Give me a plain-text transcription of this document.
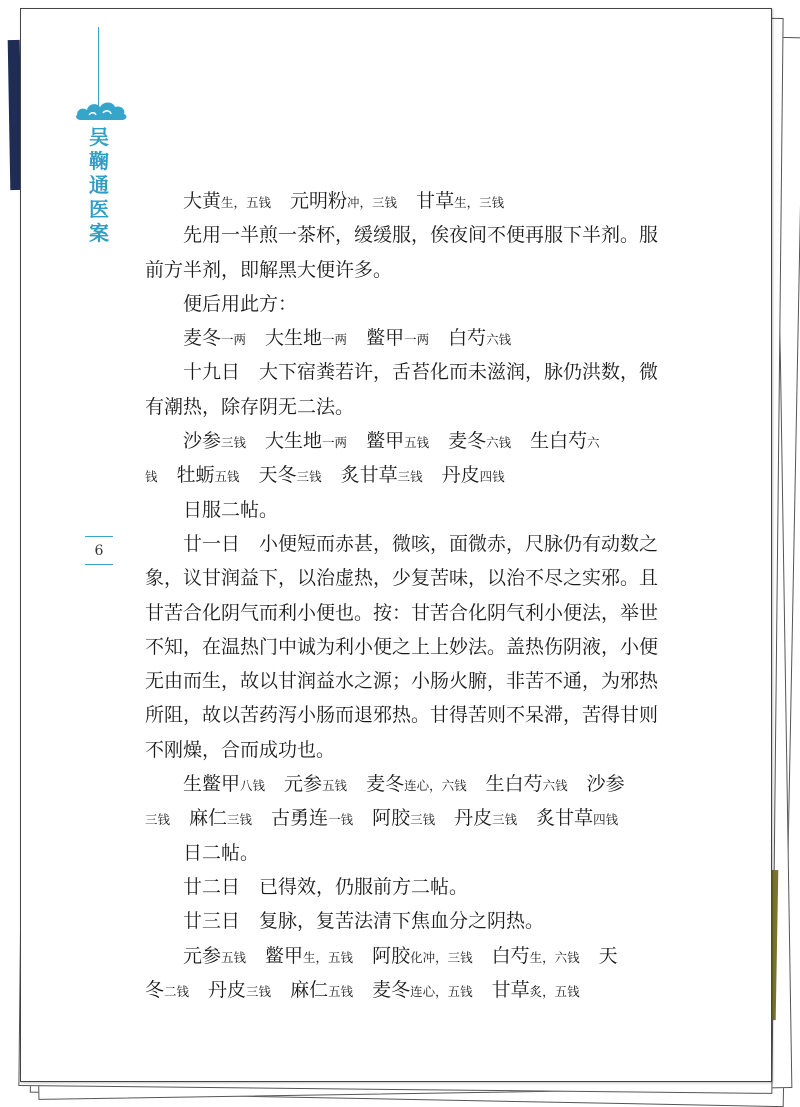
吴
鞠
通
医
案
6
大黄生，五钱　元明粉冲，三钱　甘草生，三钱
先用一半煎一茶杯，缓缓服，俟夜间不便再服下半剂。服
前方半剂，即解黑大便许多。
便后用此方：
麦冬一两　大生地一两　鳖甲一两　白芍六钱
十九日　大下宿粪若许，舌苔化而未滋润，脉仍洪数，微
有潮热，除存阴无二法。
沙参三钱　大生地一两　鳖甲五钱　麦冬六钱　生白芍六
钱　牡蛎五钱　天冬三钱　炙甘草三钱　丹皮四钱
日服二帖。
廿一日　小便短而赤甚，微咳，面微赤，尺脉仍有动数之
象，议甘润益下，以治虚热，少复苦味，以治不尽之实邪。且
甘苦合化阴气而利小便也。按：甘苦合化阴气利小便法，举世
不知，在温热门中诚为利小便之上上妙法。盖热伤阴液，小便
无由而生，故以甘润益水之源；小肠火腑，非苦不通，为邪热
所阻，故以苦药泻小肠而退邪热。甘得苦则不呆滞，苦得甘则
不刚燥，合而成功也。
生鳖甲八钱　元参五钱　麦冬连心，六钱　生白芍六钱　沙参
三钱　麻仁三钱　古勇连一钱　阿胶三钱　丹皮三钱　炙甘草四钱
日二帖。
廿二日　已得效，仍服前方二帖。
廿三日　复脉，复苦法清下焦血分之阴热。
元参五钱　鳖甲生，五钱　阿胶化冲，三钱　白芍生，六钱　天
冬二钱　丹皮三钱　麻仁五钱　麦冬连心，五钱　甘草炙，五钱
